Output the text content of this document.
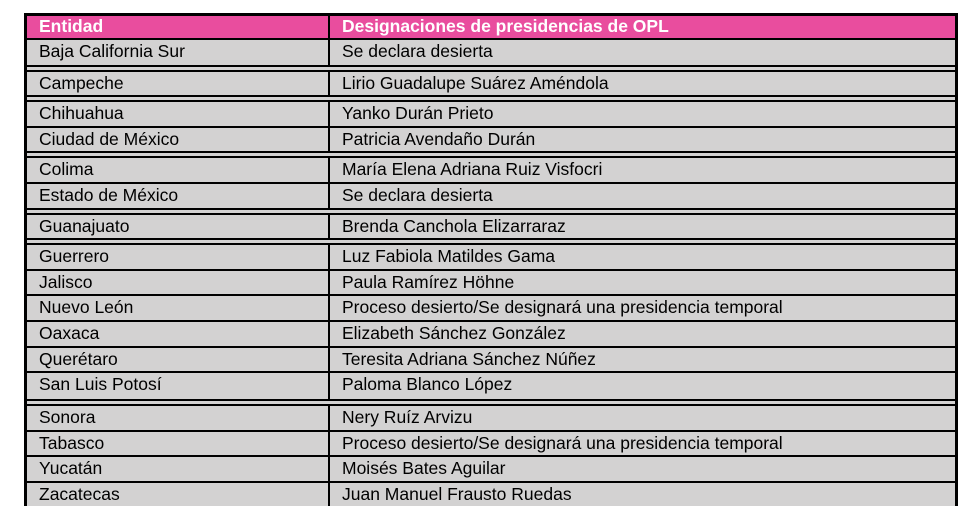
Entidad	Designaciones de presidencias de OPL
Baja California Sur	Se declara desierta
Campeche	Lirio Guadalupe Suárez Améndola
Chihuahua	Yanko Durán Prieto
Ciudad de México	Patricia Avendaño Durán
Colima	María Elena Adriana Ruiz Visfocri
Estado de México	Se declara desierta
Guanajuato	Brenda Canchola Elizarraraz
Guerrero	Luz Fabiola Matildes Gama
Jalisco	Paula Ramírez Höhne
Nuevo León	Proceso desierto/Se designará una presidencia temporal
Oaxaca	Elizabeth Sánchez González
Querétaro	Teresita Adriana Sánchez Núñez
San Luis Potosí	Paloma Blanco López
Sonora	Nery Ruíz Arvizu
Tabasco	Proceso desierto/Se designará una presidencia temporal
Yucatán	Moisés Bates Aguilar
Zacatecas	Juan Manuel Frausto Ruedas
